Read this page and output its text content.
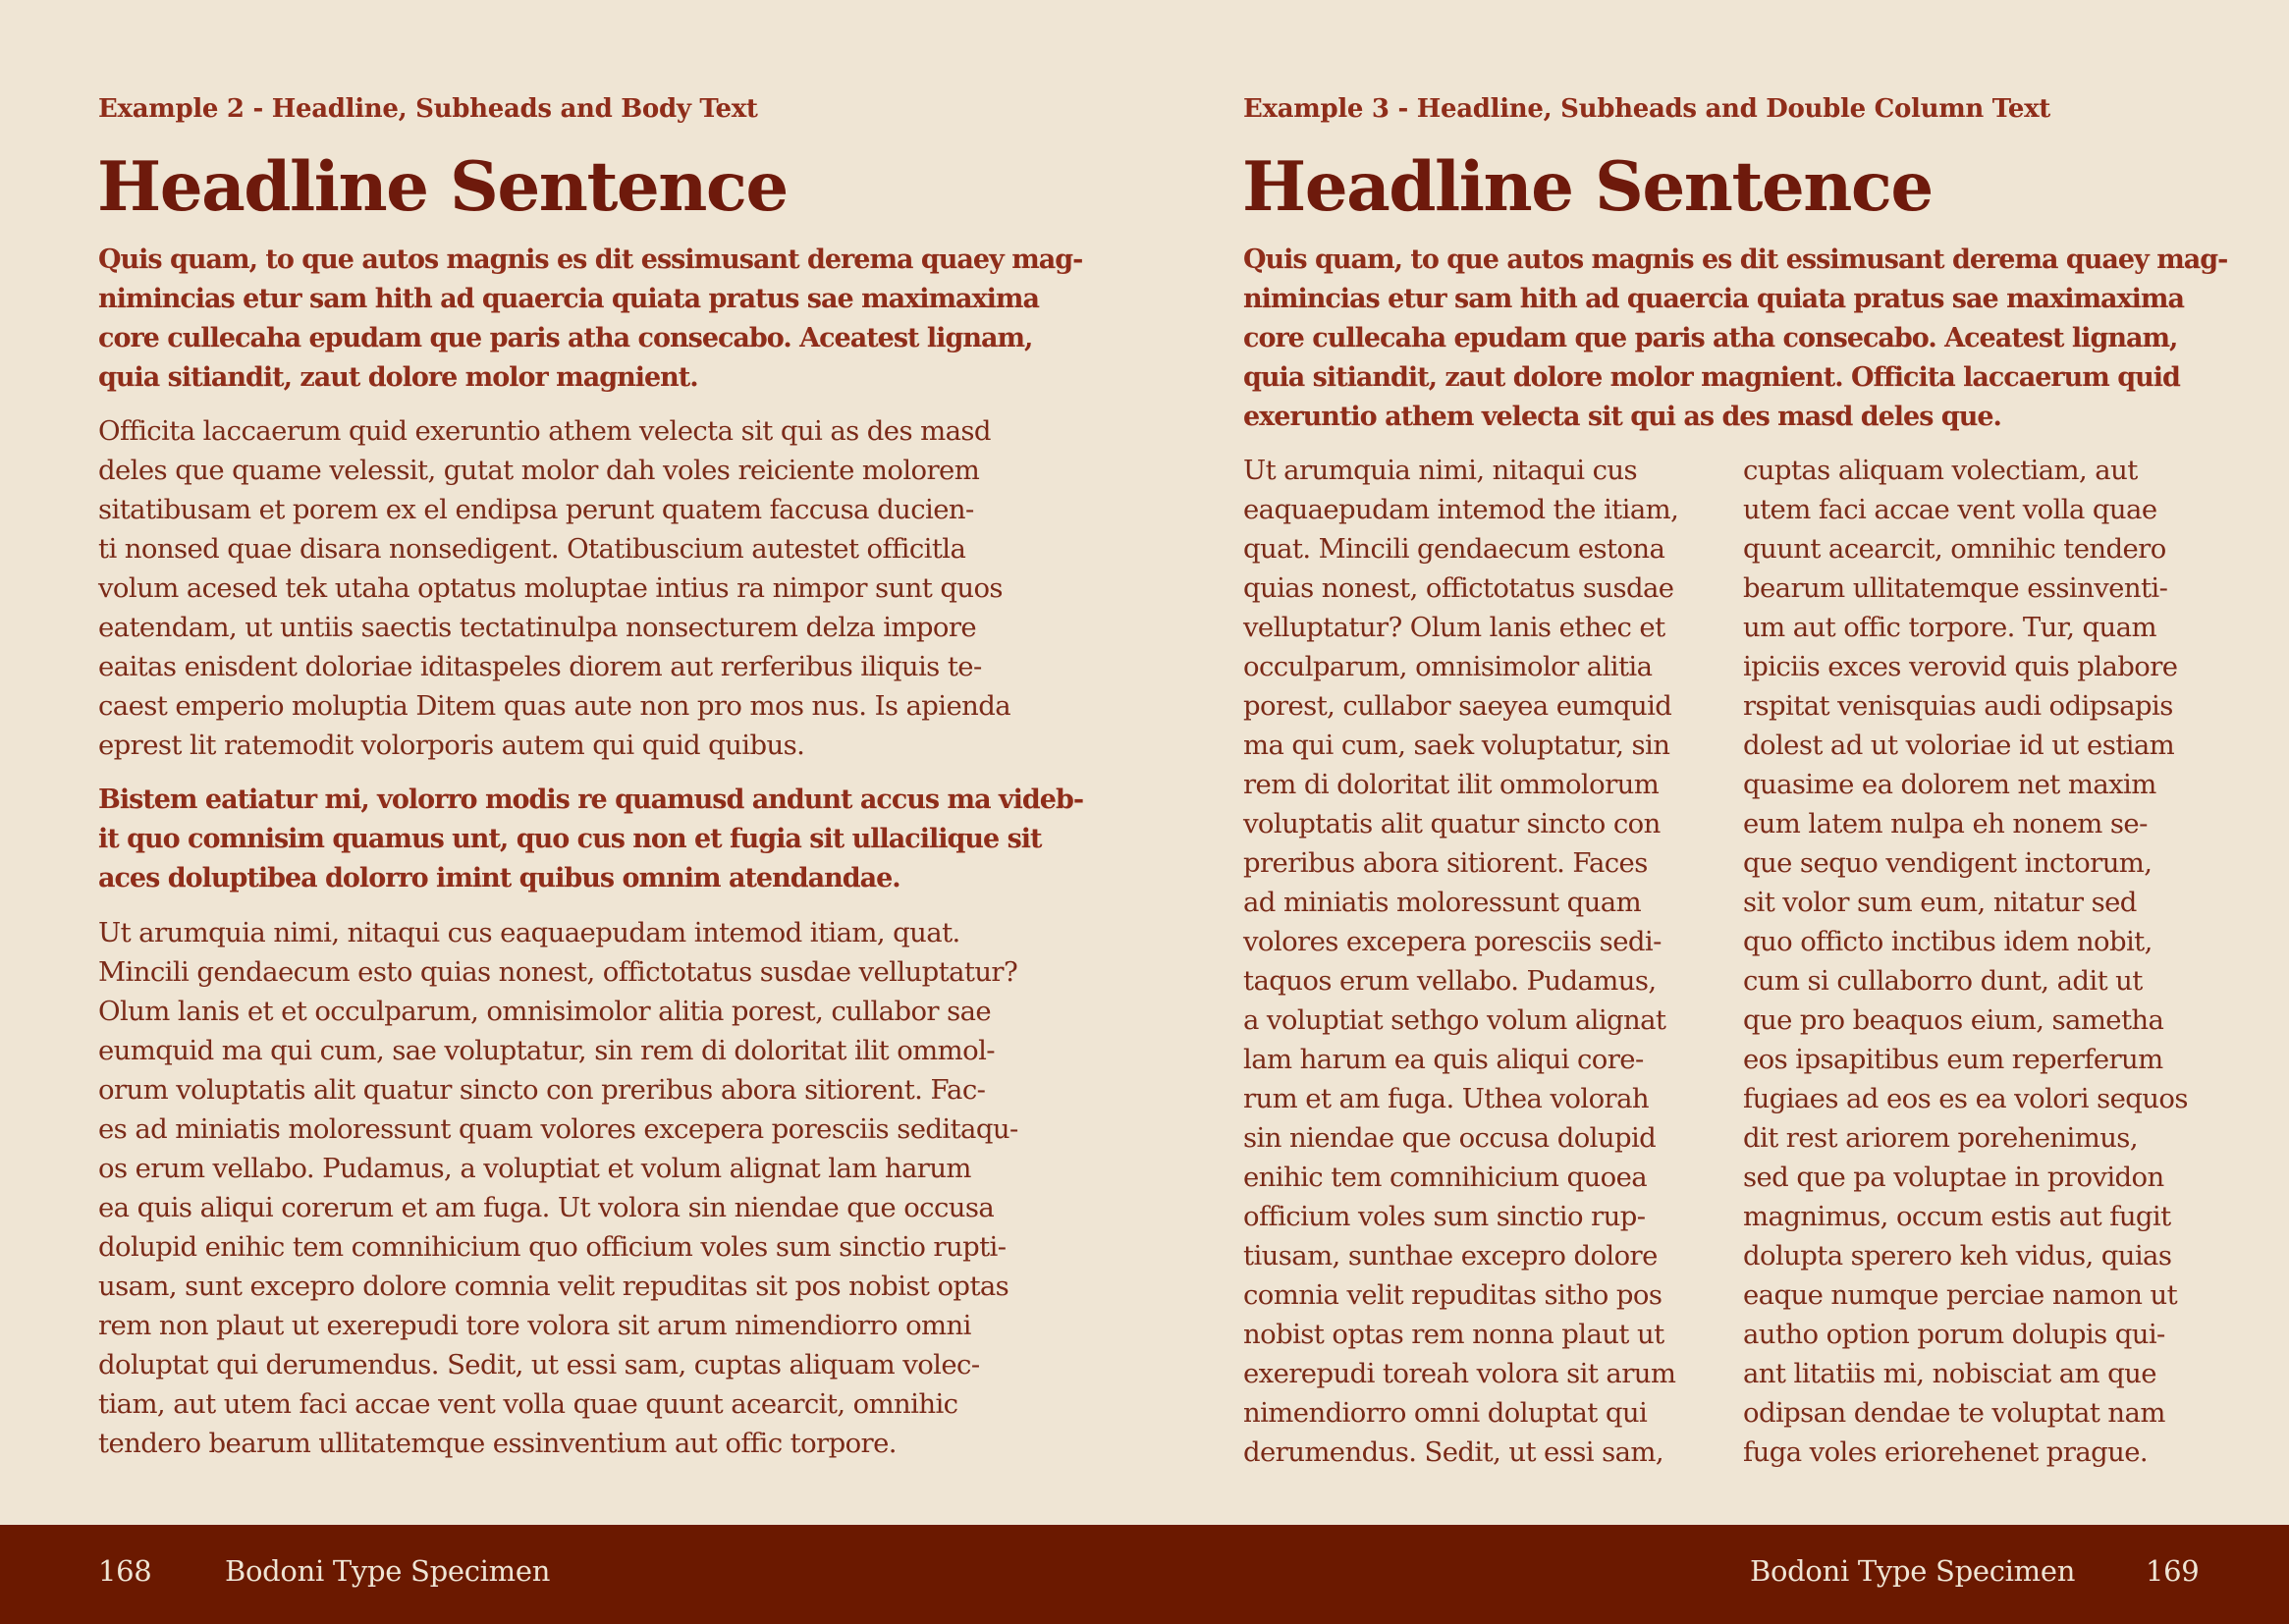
Example 2 - Headline, Subheads and Body Text

Headline Sentence

Quis quam, to que autos magnis es dit essimusant derema quaey mag-
nimincias etur sam hith ad quaercia quiata pratus sae maximaxima
core cullecaha epudam que paris atha consecabo. Aceatest lignam,
quia sitiandit, zaut dolore molor magnient.

Officita laccaerum quid exeruntio athem velecta sit qui as des masd
deles que quame velessit, gutat molor dah voles reiciente molorem
sitatibusam et porem ex el endipsa perunt quatem faccusa ducien-
ti nonsed quae disara nonsedigent. Otatibuscium autestet officitla
volum acesed tek utaha optatus moluptae intius ra nimpor sunt quos
eatendam, ut untiis saectis tectatinulpa nonsecturem delza impore
eaitas enisdent doloriae iditaspeles diorem aut rerferibus iliquis te-
caest emperio moluptia Ditem quas aute non pro mos nus. Is apienda
eprest lit ratemodit volorporis autem qui quid quibus.

Bistem eatiatur mi, volorro modis re quamusd andunt accus ma videb-
it quo comnisim quamus unt, quo cus non et fugia sit ullacilique sit
aces doluptibea dolorro imint quibus omnim atendandae.

Ut arumquia nimi, nitaqui cus eaquaepudam intemod itiam, quat.
Mincili gendaecum esto quias nonest, offictotatus susdae velluptatur?
Olum lanis et et occulparum, omnisimolor alitia porest, cullabor sae
eumquid ma qui cum, sae voluptatur, sin rem di doloritat ilit ommol-
orum voluptatis alit quatur sincto con preribus abora sitiorent. Fac-
es ad miniatis moloressunt quam volores excepera poresciis seditaqu-
os erum vellabo. Pudamus, a voluptiat et volum alignat lam harum
ea quis aliqui corerum et am fuga. Ut volora sin niendae que occusa
dolupid enihic tem comnihicium quo officium voles sum sinctio rupti-
usam, sunt excepro dolore comnia velit repuditas sit pos nobist optas
rem non plaut ut exerepudi tore volora sit arum nimendiorro omni
doluptat qui derumendus. Sedit, ut essi sam, cuptas aliquam volec-
tiam, aut utem faci accae vent volla quae quunt acearcit, omnihic
tendero bearum ullitatemque essinventium aut offic torpore.

Example 3 - Headline, Subheads and Double Column Text

Headline Sentence

Quis quam, to que autos magnis es dit essimusant derema quaey mag-
nimincias etur sam hith ad quaercia quiata pratus sae maximaxima
core cullecaha epudam que paris atha consecabo. Aceatest lignam,
quia sitiandit, zaut dolore molor magnient. Officita laccaerum quid
exeruntio athem velecta sit qui as des masd deles que.

Ut arumquia nimi, nitaqui cus
eaquaepudam intemod the itiam,
quat. Mincili gendaecum estona
quias nonest, offictotatus susdae
velluptatur? Olum lanis ethec et
occulparum, omnisimolor alitia
porest, cullabor saeyea eumquid
ma qui cum, saek voluptatur, sin
rem di doloritat ilit ommolorum
voluptatis alit quatur sincto con
preribus abora sitiorent. Faces
ad miniatis moloressunt quam
volores excepera poresciis sedi-
taquos erum vellabo. Pudamus,
a voluptiat sethgo volum alignat
lam harum ea quis aliqui core-
rum et am fuga. Uthea volorah
sin niendae que occusa dolupid
enihic tem comnihicium quoea
officium voles sum sinctio rup-
tiusam, sunthae excepro dolore
comnia velit repuditas sitho pos
nobist optas rem nonna plaut ut
exerepudi toreah volora sit arum
nimendiorro omni doluptat qui
derumendus. Sedit, ut essi sam,

cuptas aliquam volectiam, aut
utem faci accae vent volla quae
quunt acearcit, omnihic tendero
bearum ullitatemque essinventi-
um aut offic torpore. Tur, quam
ipiciis exces verovid quis plabore
rspitat venisquias audi odipsapis
dolest ad ut voloriae id ut estiam
quasime ea dolorem net maxim
eum latem nulpa eh nonem se-
que sequo vendigent inctorum,
sit volor sum eum, nitatur sed
quo officto inctibus idem nobit,
cum si cullaborro dunt, adit ut
que pro beaquos eium, sametha
eos ipsapitibus eum reperferum
fugiaes ad eos es ea volori sequos
dit rest ariorem porehenimus,
sed que pa voluptae in providon
magnimus, occum estis aut fugit
dolupta sperero keh vidus, quias
eaque numque perciae namon ut
autho option porum dolupis qui-
ant litatiis mi, nobisciat am que
odipsan dendae te voluptat nam
fuga voles eriorehenet prague.

168	Bodoni Type Specimen	Bodoni Type Specimen 169
